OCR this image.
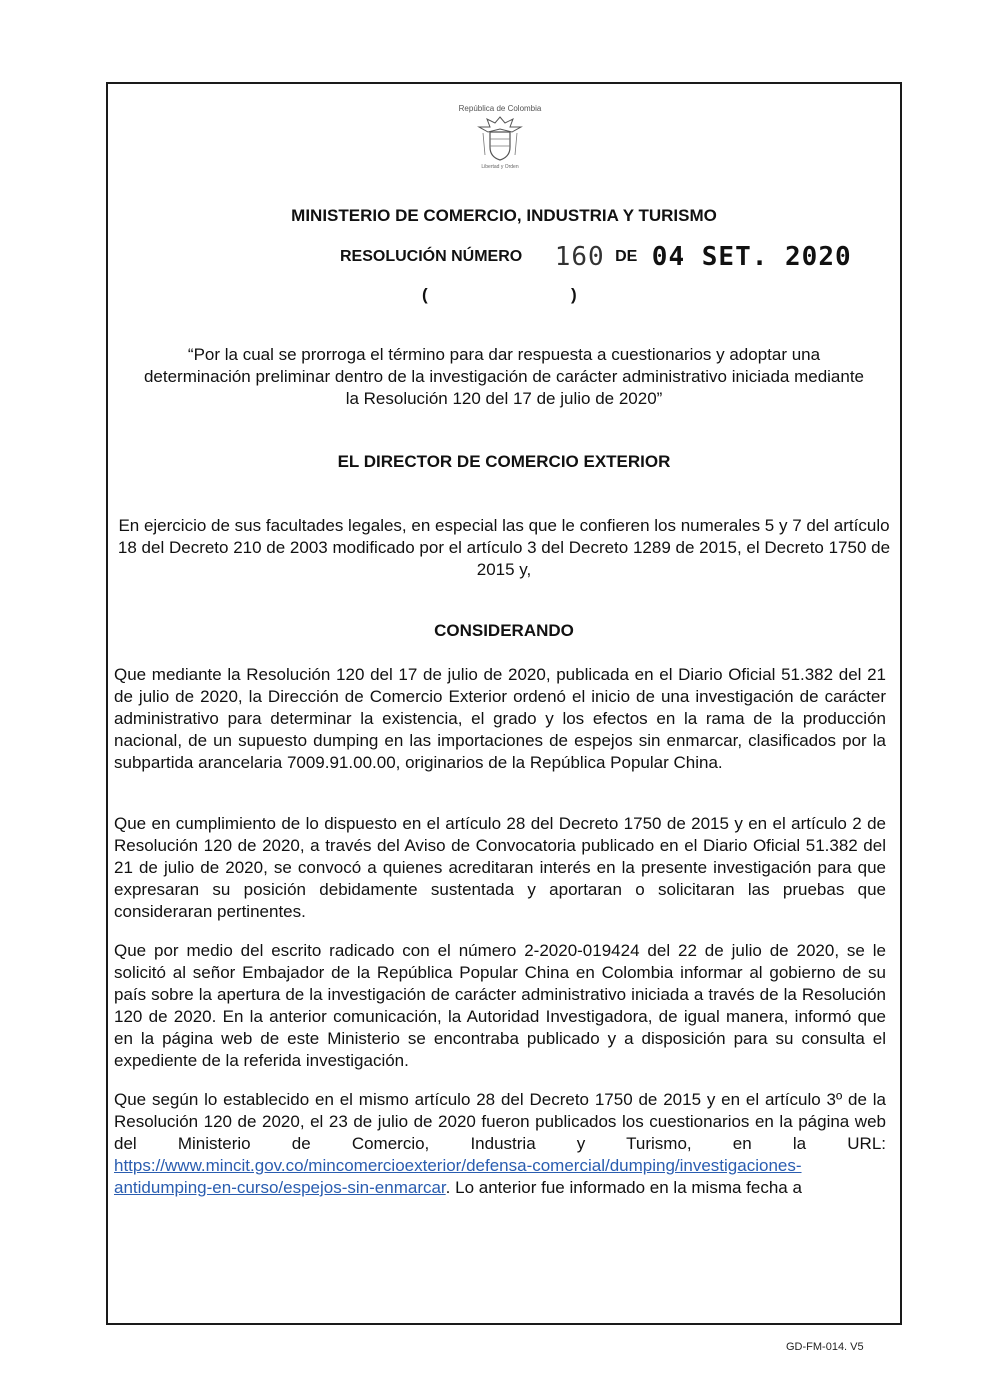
República de Colombia
Libertad y Orden
MINISTERIO DE COMERCIO, INDUSTRIA Y TURISMO
RESOLUCIÓN NÚMERO 160 DE 04 SET. 2020
(	)
“Por la cual se prorroga el término para dar respuesta a cuestionarios y adoptar una determinación preliminar dentro de la investigación de carácter administrativo iniciada mediante la Resolución 120 del 17 de julio de 2020”
EL DIRECTOR DE COMERCIO EXTERIOR
En ejercicio de sus facultades legales, en especial las que le confieren los numerales 5 y 7 del artículo 18 del Decreto 210 de 2003 modificado por el artículo 3 del Decreto 1289 de 2015, el Decreto 1750 de 2015 y,
CONSIDERANDO

Que mediante la Resolución 120 del 17 de julio de 2020, publicada en el Diario Oficial 51.382 del 21 de julio de 2020, la Dirección de Comercio Exterior ordenó el inicio de una investigación de carácter administrativo para determinar la existencia, el grado y los efectos en la rama de la producción nacional, de un supuesto dumping en las importaciones de espejos sin enmarcar, clasificados por la subpartida arancelaria 7009.91.00.00, originarios de la República Popular China.

Que en cumplimiento de lo dispuesto en el artículo 28 del Decreto 1750 de 2015 y en el artículo 2 de Resolución 120 de 2020, a través del Aviso de Convocatoria publicado en el Diario Oficial 51.382 del 21 de julio de 2020, se convocó a quienes acreditaran interés en la presente investigación para que expresaran su posición debidamente sustentada y aportaran o solicitaran las pruebas que consideraran pertinentes.

Que por medio del escrito radicado con el número 2-2020-019424 del 22 de julio de 2020, se le solicitó al señor Embajador de la República Popular China en Colombia informar al gobierno de su país sobre la apertura de la investigación de carácter administrativo iniciada a través de la Resolución 120 de 2020. En la anterior comunicación, la Autoridad Investigadora, de igual manera, informó que en la página web de este Ministerio se encontraba publicado y a disposición para su consulta el expediente de la referida investigación.

Que según lo establecido en el mismo artículo 28 del Decreto 1750 de 2015 y en el artículo 3º de la Resolución 120 de 2020, el 23 de julio de 2020 fueron publicados los cuestionarios en la página web del Ministerio de Comercio, Industria y Turismo, en la URL: https://www.mincit.gov.co/mincomercioexterior/defensa-comercial/dumping/investigaciones-antidumping-en-curso/espejos-sin-enmarcar. Lo anterior fue informado en la misma fecha a

GD-FM-014. V5
